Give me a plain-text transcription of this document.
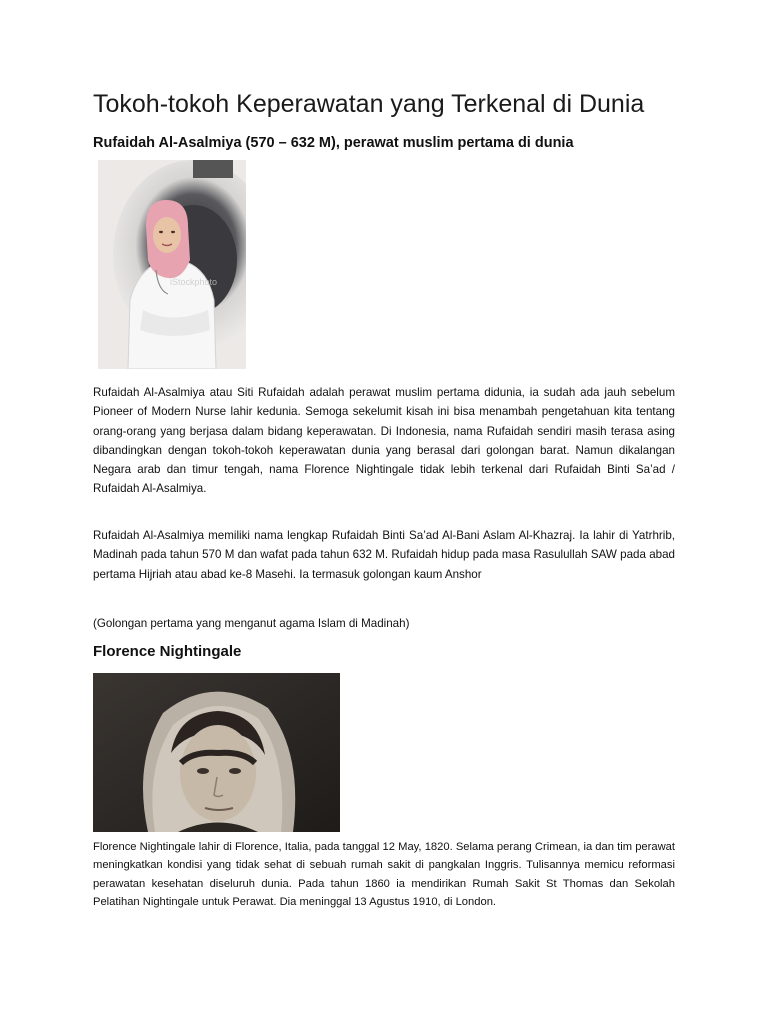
Tokoh-tokoh Keperawatan yang Terkenal di Dunia
Rufaidah Al-Asalmiya (570 – 632 M), perawat muslim pertama di dunia
iStockphoto
Rufaidah Al-Asalmiya atau Siti Rufaidah adalah perawat muslim pertama didunia, ia sudah ada jauh sebelum Pioneer of Modern Nurse lahir kedunia. Semoga sekelumit kisah ini bisa menambah pengetahuan kita tentang orang-orang yang berjasa dalam bidang keperawatan. Di Indonesia, nama Rufaidah sendiri masih terasa asing dibandingkan dengan tokoh-tokoh keperawatan dunia yang berasal dari golongan barat. Namun dikalangan Negara arab dan timur tengah, nama Florence Nightingale tidak lebih terkenal dari Rufaidah Binti Sa’ad / Rufaidah Al-Asalmiya.
Rufaidah Al-Asalmiya memiliki nama lengkap Rufaidah Binti Sa’ad Al-Bani Aslam Al-Khazraj. Ia lahir di Yatrhrib, Madinah pada tahun 570 M dan wafat pada tahun 632 M. Rufaidah hidup pada masa Rasulullah SAW pada abad pertama Hijriah atau abad ke-8 Masehi. Ia termasuk golongan kaum Anshor
(Golongan pertama yang menganut agama Islam di Madinah)
Florence Nightingale
Florence Nightingale lahir di Florence, Italia, pada tanggal 12 May, 1820. Selama perang Crimean, ia dan tim perawat meningkatkan kondisi yang tidak sehat di sebuah rumah sakit di pangkalan Inggris. Tulisannya memicu reformasi perawatan kesehatan diseluruh dunia. Pada tahun 1860 ia mendirikan Rumah Sakit St Thomas dan Sekolah Pelatihan Nightingale untuk Perawat. Dia meninggal 13 Agustus 1910, di London.
